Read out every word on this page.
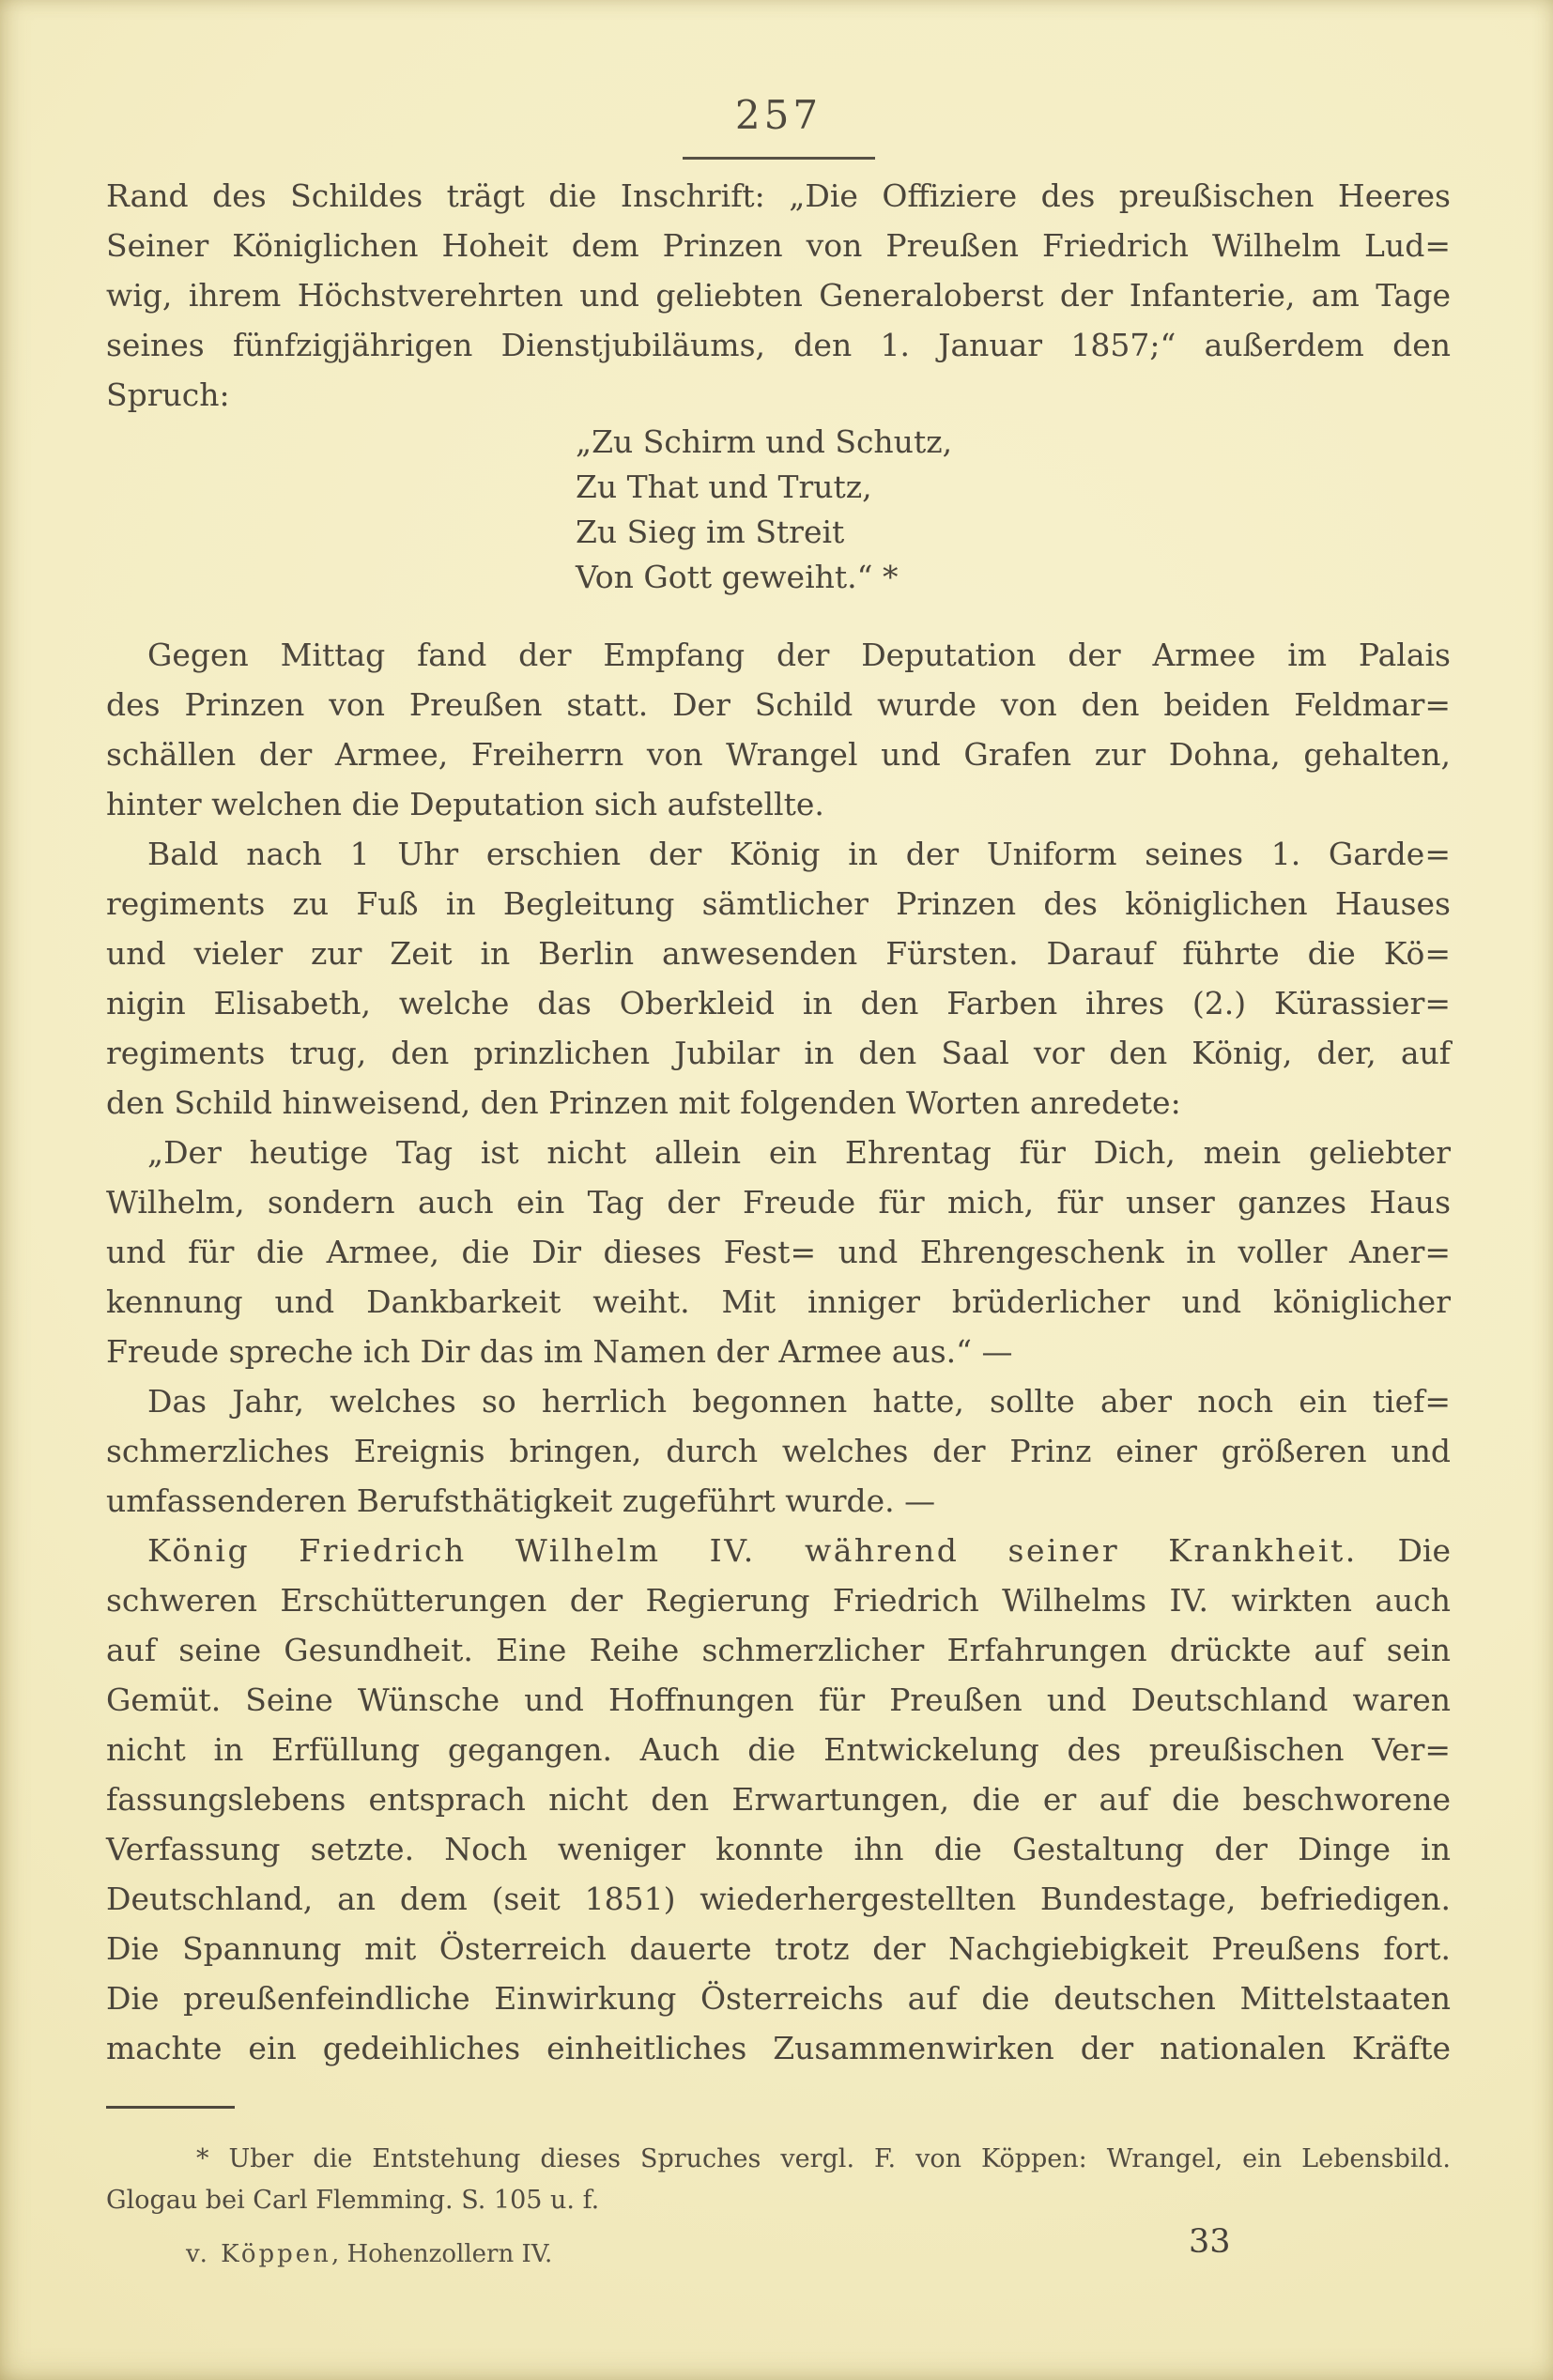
257
Rand des Schildes trägt die Inschrift: „Die Offiziere des preußischen Heeres
Seiner Königlichen Hoheit dem Prinzen von Preußen Friedrich Wilhelm Lud=
wig, ihrem Höchstverehrten und geliebten Generaloberst der Infanterie, am Tage
seines fünfzigjährigen Dienstjubiläums, den 1. Januar 1857;“ außerdem den
Spruch:
„Zu Schirm und Schutz,
Zu That und Trutz,
Zu Sieg im Streit
Von Gott geweiht.“ *
Gegen Mittag fand der Empfang der Deputation der Armee im Palais
des Prinzen von Preußen statt. Der Schild wurde von den beiden Feldmar=
schällen der Armee, Freiherrn von Wrangel und Grafen zur Dohna, gehalten,
hinter welchen die Deputation sich aufstellte.
Bald nach 1 Uhr erschien der König in der Uniform seines 1. Garde=
regiments zu Fuß in Begleitung sämtlicher Prinzen des königlichen Hauses
und vieler zur Zeit in Berlin anwesenden Fürsten. Darauf führte die Kö=
nigin Elisabeth, welche das Oberkleid in den Farben ihres (2.) Kürassier=
regiments trug, den prinzlichen Jubilar in den Saal vor den König, der, auf
den Schild hinweisend, den Prinzen mit folgenden Worten anredete:
„Der heutige Tag ist nicht allein ein Ehrentag für Dich, mein geliebter
Wilhelm, sondern auch ein Tag der Freude für mich, für unser ganzes Haus
und für die Armee, die Dir dieses Fest= und Ehrengeschenk in voller Aner=
kennung und Dankbarkeit weiht. Mit inniger brüderlicher und königlicher
Freude spreche ich Dir das im Namen der Armee aus.“ —
Das Jahr, welches so herrlich begonnen hatte, sollte aber noch ein tief=
schmerzliches Ereignis bringen, durch welches der Prinz einer größeren und
umfassenderen Berufsthätigkeit zugeführt wurde. —
König Friedrich Wilhelm IV. während seiner Krankheit. Die
schweren Erschütterungen der Regierung Friedrich Wilhelms IV. wirkten auch
auf seine Gesundheit. Eine Reihe schmerzlicher Erfahrungen drückte auf sein
Gemüt. Seine Wünsche und Hoffnungen für Preußen und Deutschland waren
nicht in Erfüllung gegangen. Auch die Entwickelung des preußischen Ver=
fassungslebens entsprach nicht den Erwartungen, die er auf die beschworene
Verfassung setzte. Noch weniger konnte ihn die Gestaltung der Dinge in
Deutschland, an dem (seit 1851) wiederhergestellten Bundestage, befriedigen.
Die Spannung mit Österreich dauerte trotz der Nachgiebigkeit Preußens fort.
Die preußenfeindliche Einwirkung Österreichs auf die deutschen Mittelstaaten
machte ein gedeihliches einheitliches Zusammenwirken der nationalen Kräfte
* Uber die Entstehung dieses Spruches vergl. F. von Köppen: Wrangel, ein Lebensbild.
Glogau bei Carl Flemming. S. 105 u. f.
v. Köppen, Hohenzollern IV.	33
